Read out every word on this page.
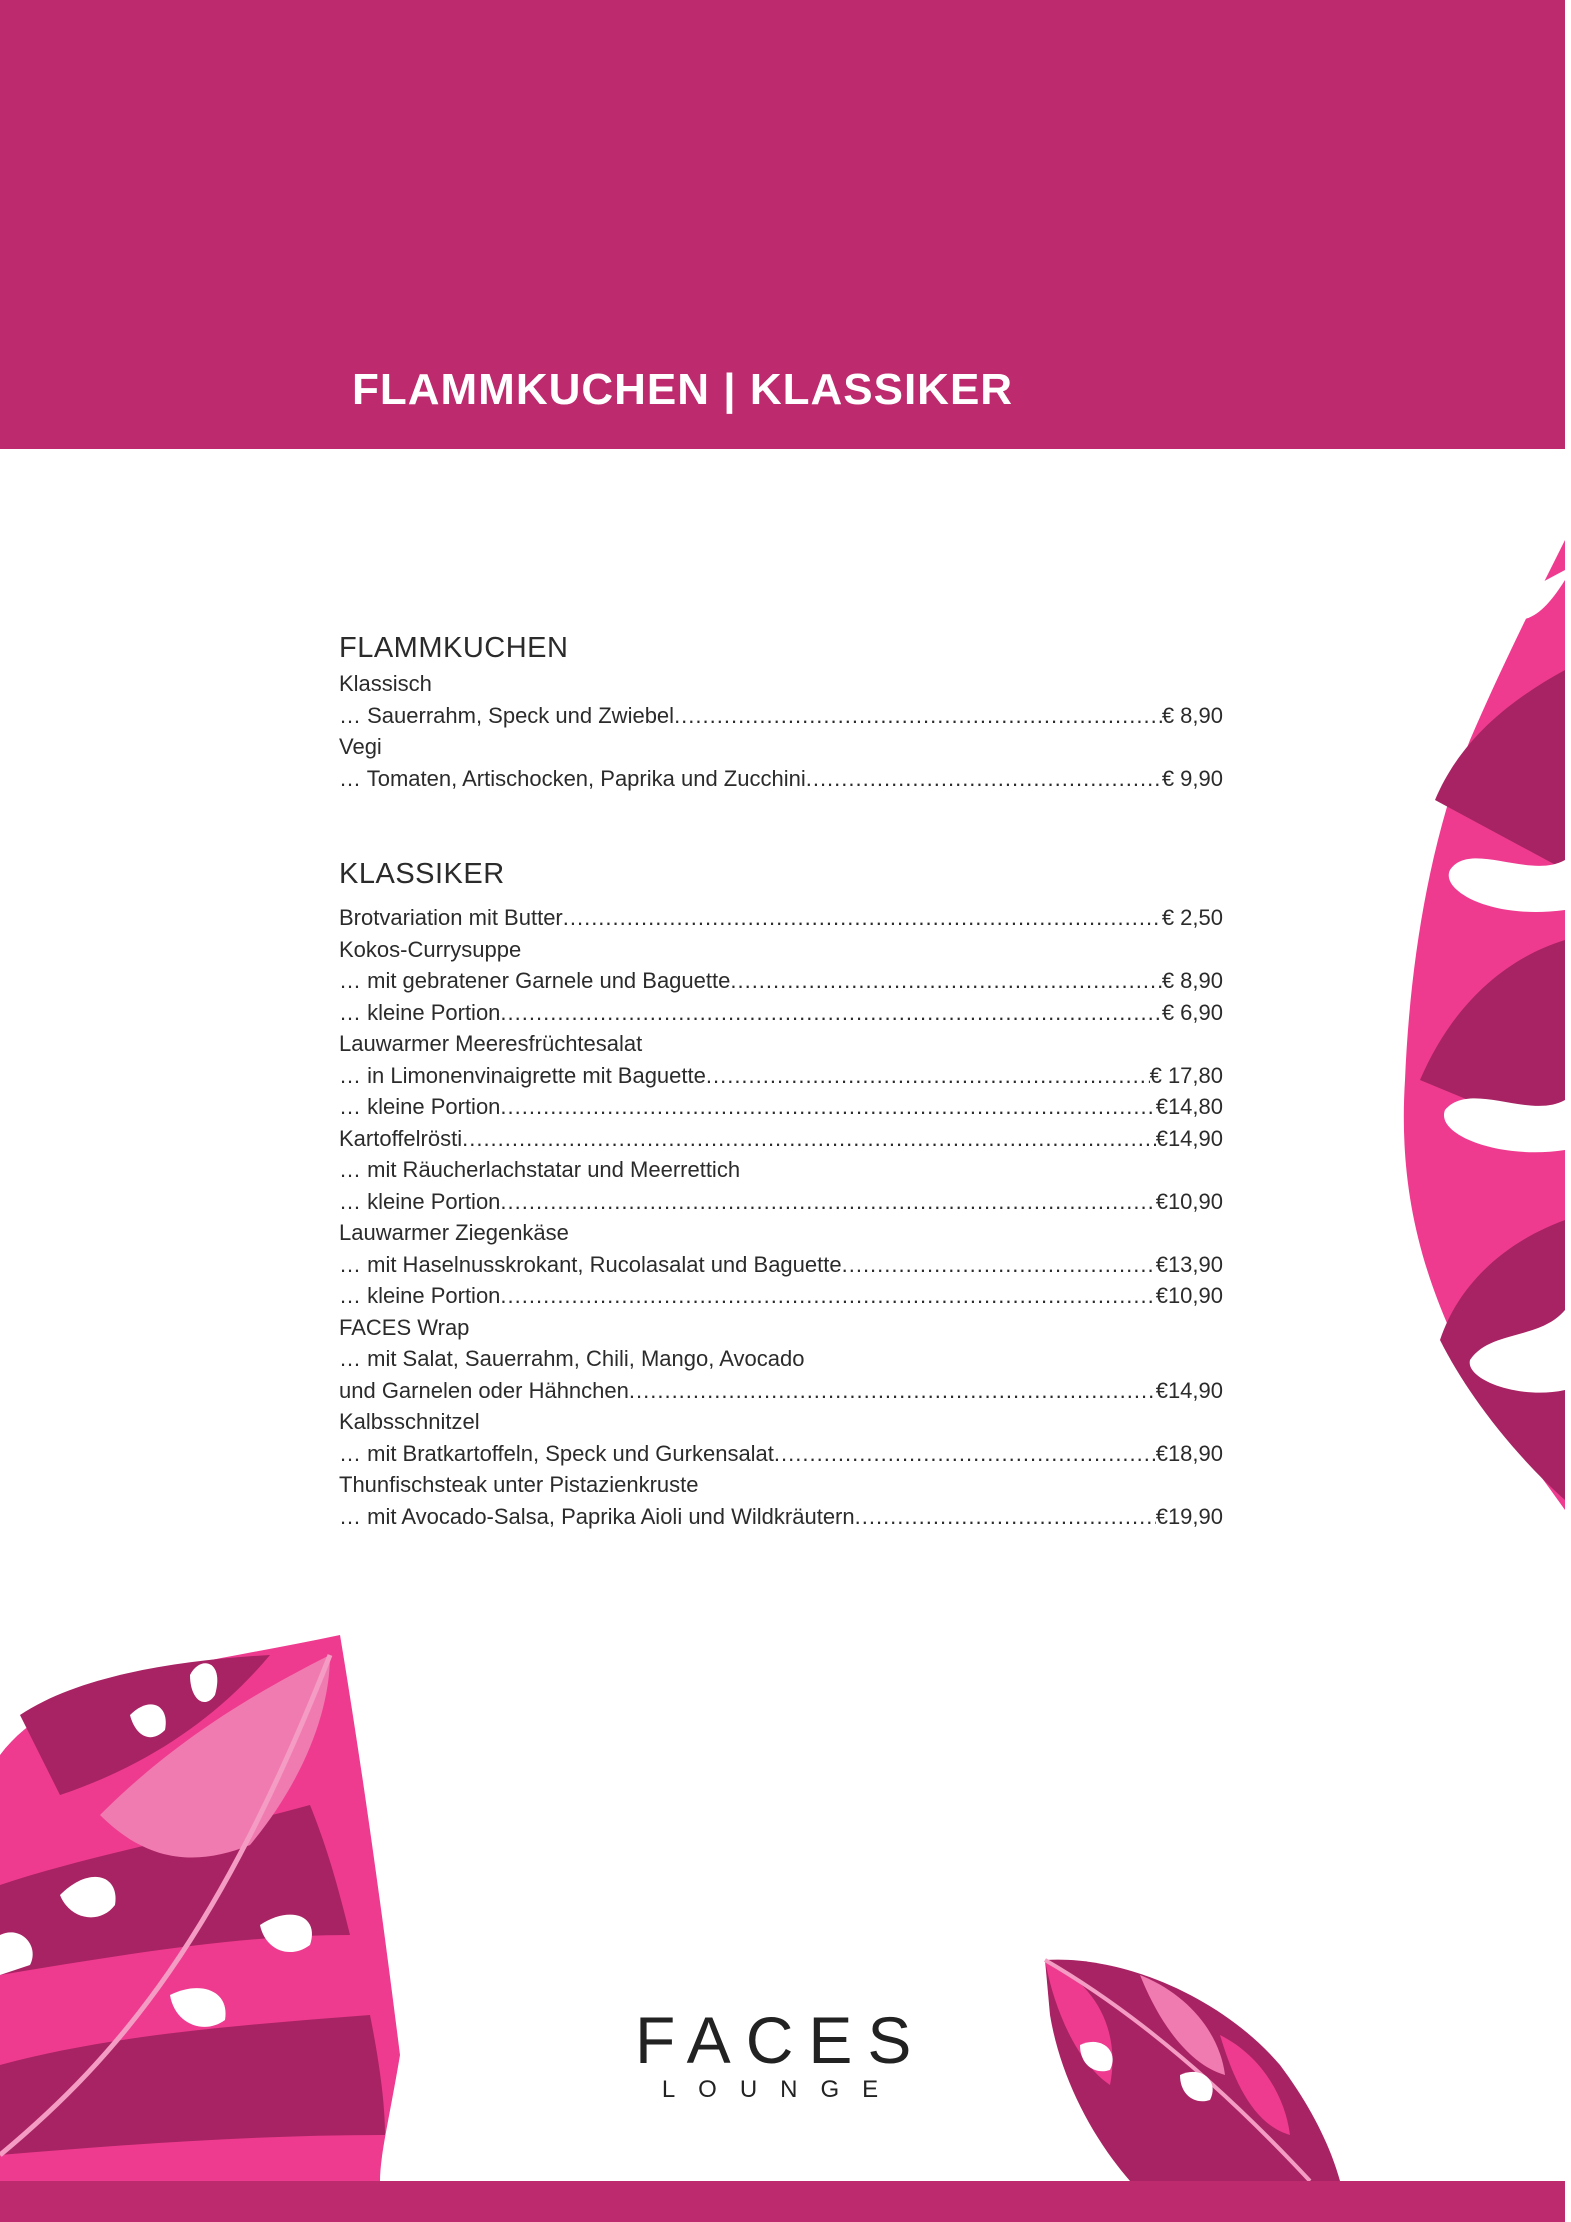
FLAMMKUCHEN | KLASSIKER
FLAMMKUCHEN
Klassisch
… Sauerrahm, Speck und Zwiebel .....	€ 8,90
Vegi
… Tomaten, Artischocken, Paprika und Zucchini .....	€ 9,90
KLASSIKER
Brotvariation mit Butter .....	€ 2,50
Kokos-Currysuppe
… mit gebratener Garnele und Baguette .....	€ 8,90
… kleine Portion .....	€ 6,90
Lauwarmer Meeresfrüchtesalat
… in Limonenvinaigrette mit Baguette .....	€ 17,80
… kleine Portion .....	€14,80
Kartoffelrösti .....	€14,90
… mit Räucherlachstatar und Meerrettich
… kleine Portion .....	€10,90
Lauwarmer Ziegenkäse
… mit Haselnusskrokant, Rucolasalat und Baguette .....	€13,90
… kleine Portion .....	€10,90
FACES Wrap
… mit Salat, Sauerrahm, Chili, Mango, Avocado
und Garnelen oder Hähnchen .....	€14,90
Kalbsschnitzel
… mit Bratkartoffeln, Speck und Gurkensalat .....	€18,90
Thunfischsteak unter Pistazienkruste
… mit Avocado-Salsa, Paprika Aioli und Wildkräutern .....	€19,90
FACES
LOUNGE
